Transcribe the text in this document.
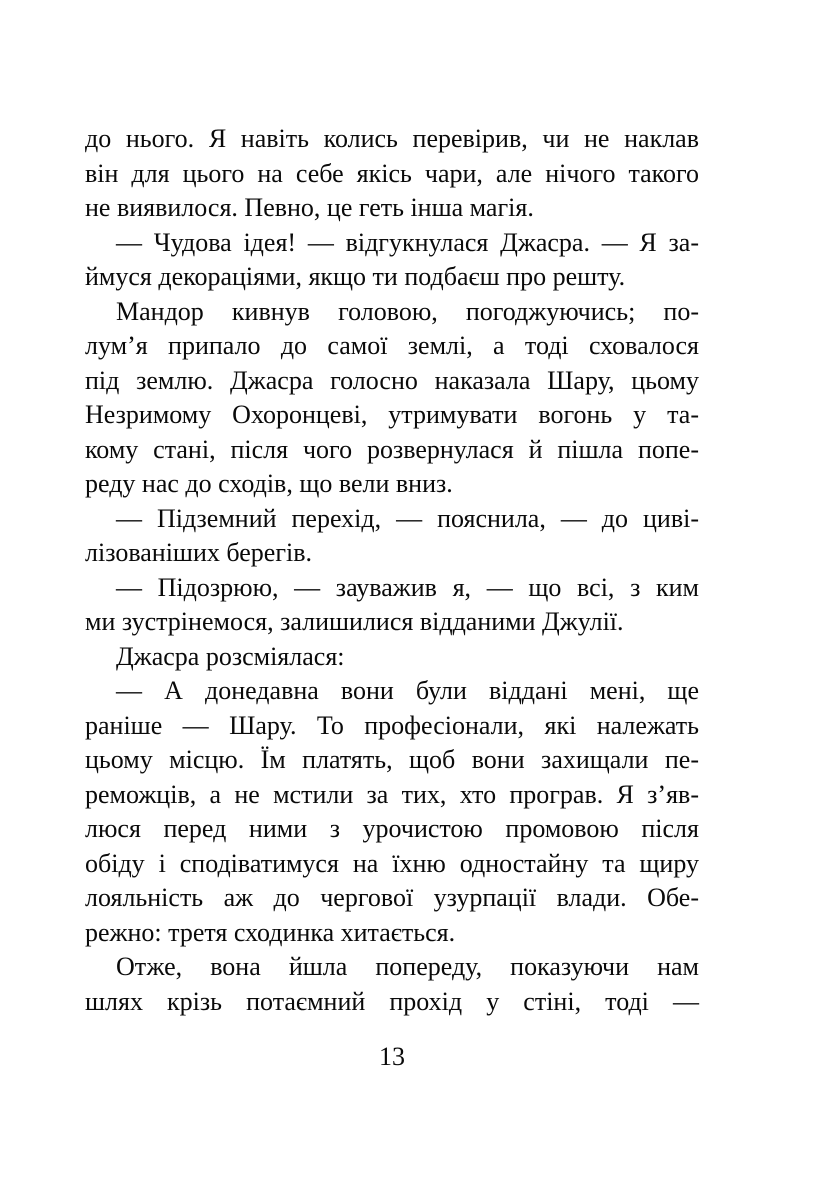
до нього. Я навіть колись перевірив, чи не наклав
він для цього на себе якісь чари, але нічого такого
не виявилося. Певно, це геть інша магія.
— Чудова ідея! — відгукнулася Джасра. — Я за-
ймуся декораціями, якщо ти подбаєш про решту.
Мандор кивнув головою, погоджуючись; по-
лум’я припало до самої землі, а тоді сховалося
під землю. Джасра голосно наказала Шару, цьому
Незримому Охоронцеві, утримувати вогонь у та-
кому стані, після чого розвернулася й пішла попе-
реду нас до сходів, що вели вниз.
— Підземний перехід, — пояснила, — до циві-
лізованіших берегів.
— Підозрюю, — зауважив я, — що всі, з ким
ми зустрінемося, залишилися відданими Джулії.
Джасра розсміялася:
— А донедавна вони були віддані мені, ще
раніше — Шару. То професіонали, які належать
цьому місцю. Їм платять, щоб вони захищали пе-
реможців, а не мстили за тих, хто програв. Я з’яв-
люся перед ними з урочистою промовою після
обіду і сподіватимуся на їхню одностайну та щиру
лояльність аж до чергової узурпації влади. Обе-
режно: третя сходинка хитається.
Отже, вона йшла попереду, показуючи нам
шлях крізь потаємний прохід у стіні, тоді —
13
